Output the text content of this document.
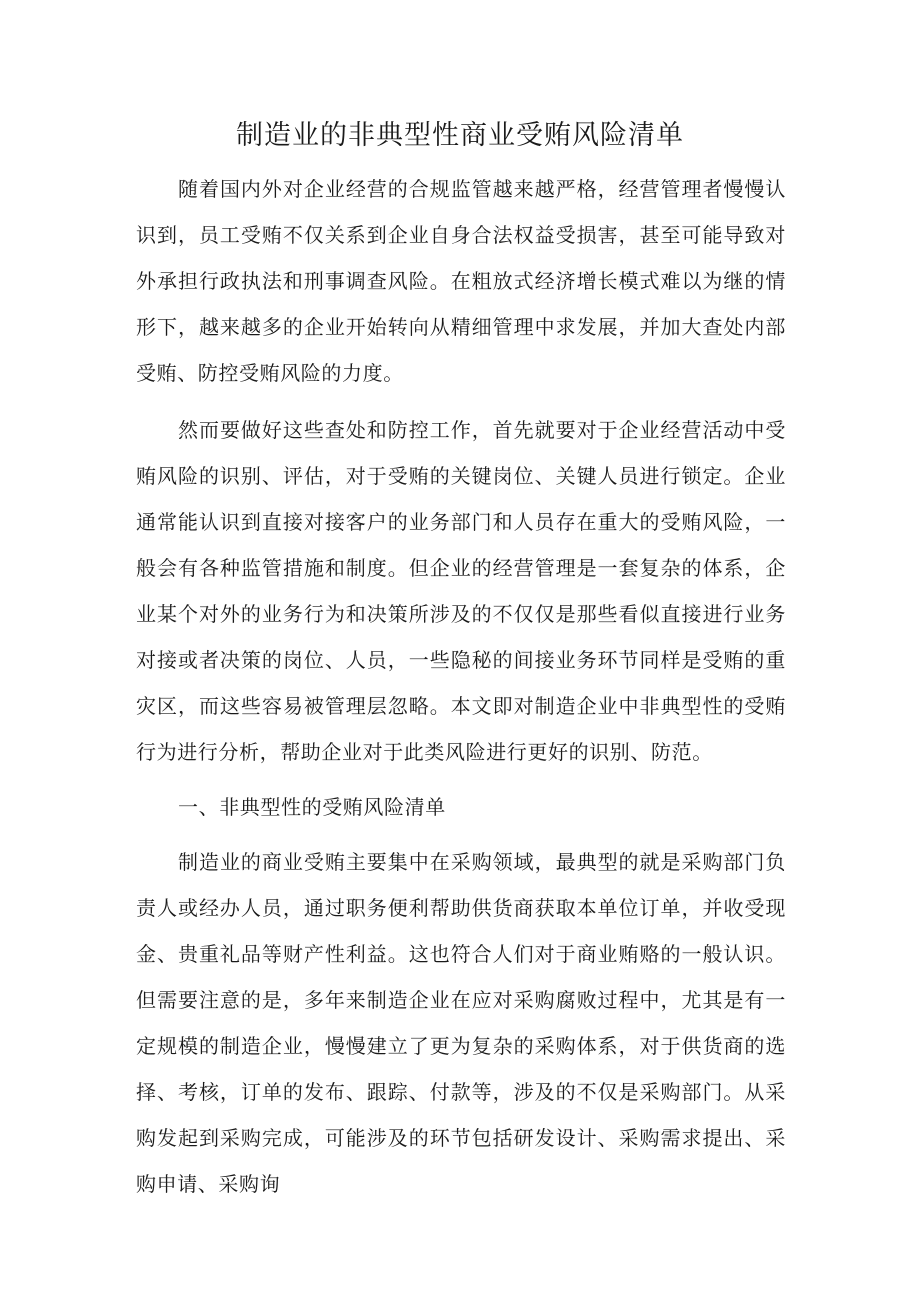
制造业的非典型性商业受贿风险清单

随着国内外对企业经营的合规监管越来越严格，经营管理者慢慢认识到，员工受贿不仅关系到企业自身合法权益受损害，甚至可能导致对外承担行政执法和刑事调查风险。在粗放式经济增长模式难以为继的情形下，越来越多的企业开始转向从精细管理中求发展，并加大查处内部受贿、防控受贿风险的力度。

然而要做好这些查处和防控工作，首先就要对于企业经营活动中受贿风险的识别、评估，对于受贿的关键岗位、关键人员进行锁定。企业通常能认识到直接对接客户的业务部门和人员存在重大的受贿风险，一般会有各种监管措施和制度。但企业的经营管理是一套复杂的体系，企业某个对外的业务行为和决策所涉及的不仅仅是那些看似直接进行业务对接或者决策的岗位、人员，一些隐秘的间接业务环节同样是受贿的重灾区，而这些容易被管理层忽略。本文即对制造企业中非典型性的受贿行为进行分析，帮助企业对于此类风险进行更好的识别、防范。

一、非典型性的受贿风险清单

制造业的商业受贿主要集中在采购领域，最典型的就是采购部门负责人或经办人员，通过职务便利帮助供货商获取本单位订单，并收受现金、贵重礼品等财产性利益。这也符合人们对于商业贿赂的一般认识。但需要注意的是，多年来制造企业在应对采购腐败过程中，尤其是有一定规模的制造企业，慢慢建立了更为复杂的采购体系，对于供货商的选择、考核，订单的发布、跟踪、付款等，涉及的不仅是采购部门。从采购发起到采购完成，可能涉及的环节包括研发设计、采购需求提出、采购申请、采购询
